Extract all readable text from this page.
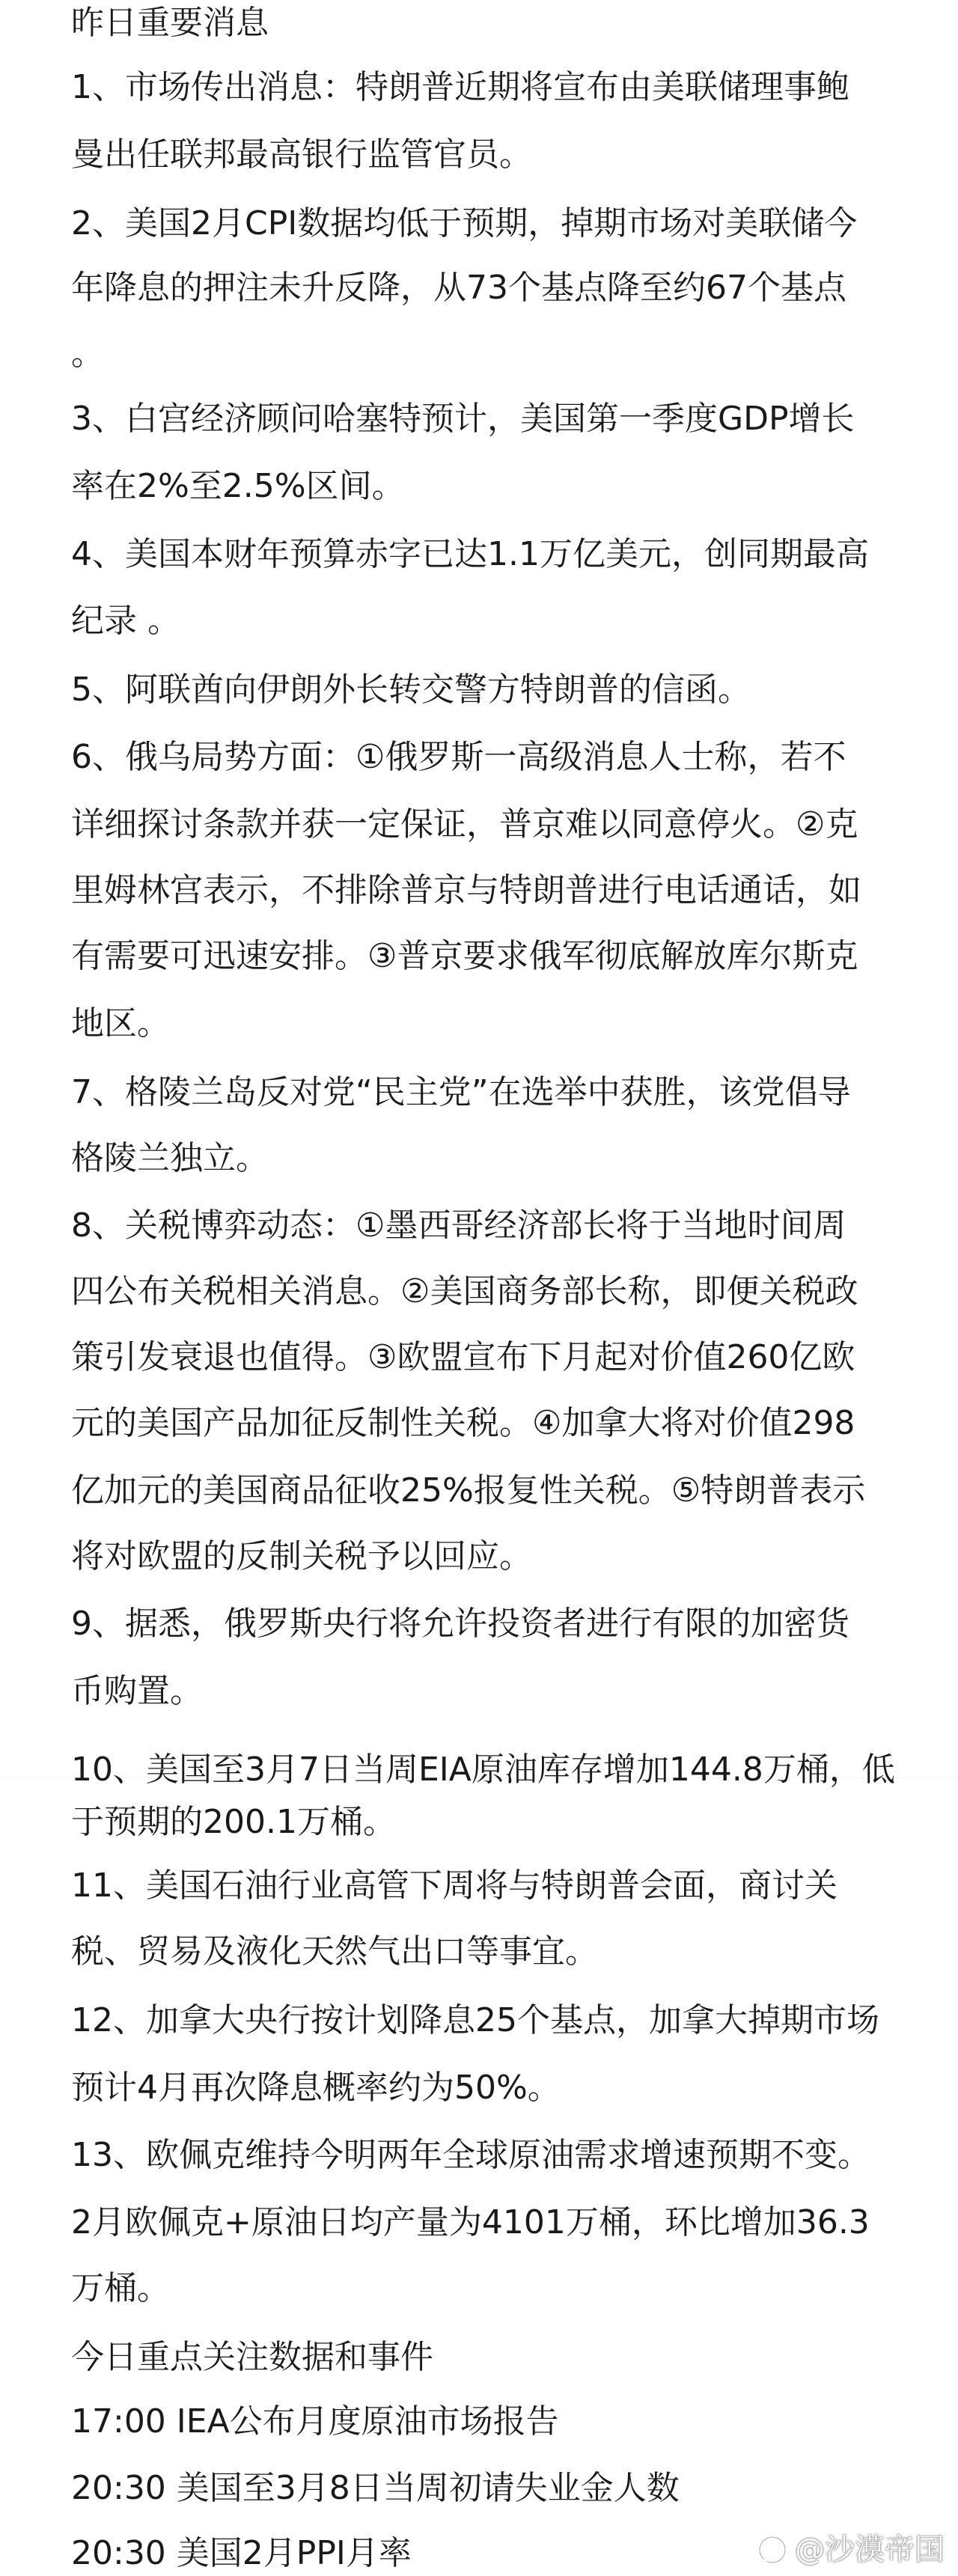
昨日重要消息
1、市场传出消息：特朗普近期将宣布由美联储理事鲍
曼出任联邦最高银行监管官员。
2、美国2月CPI数据均低于预期，掉期市场对美联储今
年降息的押注未升反降，从73个基点降至约67个基点
。
3、白宫经济顾问哈塞特预计，美国第一季度GDP增长
率在2%至2.5%区间。
4、美国本财年预算赤字已达1.1万亿美元，创同期最高
纪录 。
5、阿联酋向伊朗外长转交警方特朗普的信函。
6、俄乌局势方面：①俄罗斯一高级消息人士称，若不
详细探讨条款并获一定保证，普京难以同意停火。②克
里姆林宫表示，不排除普京与特朗普进行电话通话，如
有需要可迅速安排。③普京要求俄军彻底解放库尔斯克
地区。
7、格陵兰岛反对党“民主党”在选举中获胜，该党倡导
格陵兰独立。
8、关税博弈动态：①墨西哥经济部长将于当地时间周
四公布关税相关消息。②美国商务部长称，即便关税政
策引发衰退也值得。③欧盟宣布下月起对价值260亿欧
元的美国产品加征反制性关税。④加拿大将对价值298
亿加元的美国商品征收25%报复性关税。⑤特朗普表示
将对欧盟的反制关税予以回应。
9、据悉，俄罗斯央行将允许投资者进行有限的加密货
币购置。
10、美国至3月7日当周EIA原油库存增加144.8万桶，低
于预期的200.1万桶。
11、美国石油行业高管下周将与特朗普会面，商讨关
税、贸易及液化天然气出口等事宜。
12、加拿大央行按计划降息25个基点，加拿大掉期市场
预计4月再次降息概率约为50%。
13、欧佩克维持今明两年全球原油需求增速预期不变。
2月欧佩克+原油日均产量为4101万桶，环比增加36.3
万桶。
今日重点关注数据和事件
17:00 IEA公布月度原油市场报告
20:30 美国至3月8日当周初请失业金人数
20:30 美国2月PPI月率	@沙漠帝国
